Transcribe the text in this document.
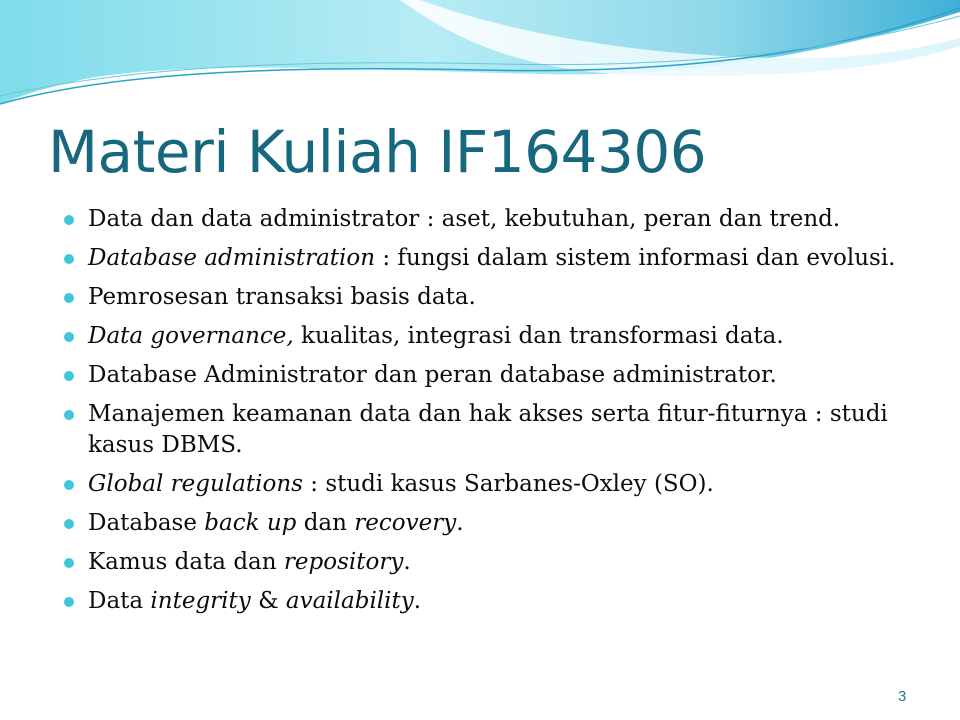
Materi Kuliah IF164306
Data dan data administrator : aset, kebutuhan, peran dan trend.
Database administration : fungsi dalam sistem informasi dan evolusi.
Pemrosesan transaksi basis data.
Data governance, kualitas, integrasi dan transformasi data.
Database Administrator dan peran database administrator.
Manajemen keamanan data dan hak akses serta fitur-fiturnya : studi kasus DBMS.
Global regulations : studi kasus Sarbanes-Oxley (SO).
Database back up dan recovery.
Kamus data dan repository.
Data integrity & availability.
3
